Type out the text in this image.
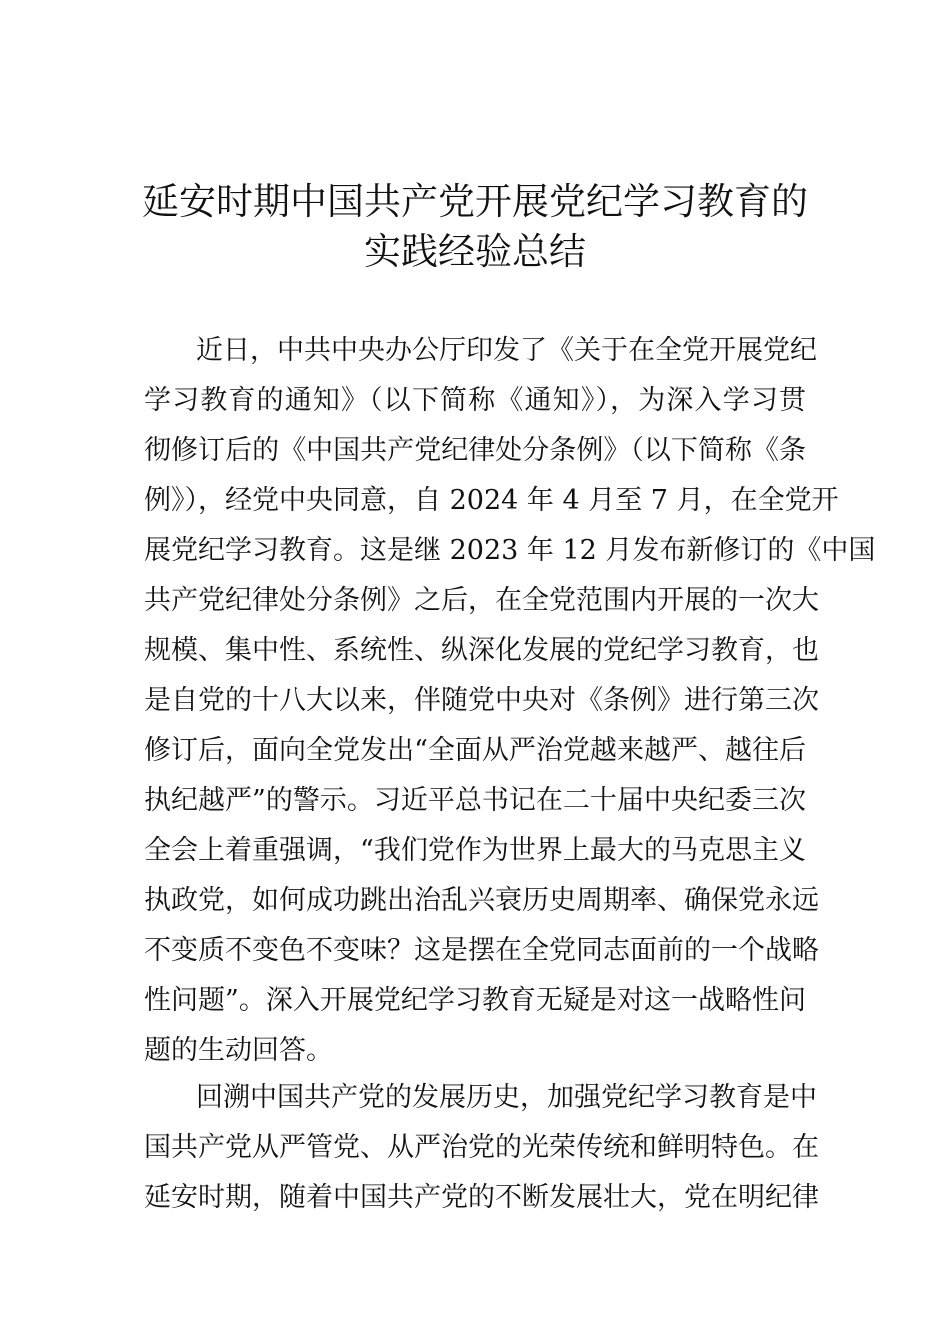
延安时期中国共产党开展党纪学习教育的
实践经验总结
近日，中共中央办公厅印发了《关于在全党开展党纪
学习教育的通知》（以下简称《通知》），为深入学习贯
彻修订后的《中国共产党纪律处分条例》（以下简称《条
例》），经党中央同意，自 2024 年 4 月至 7 月，在全党开
展党纪学习教育。这是继 2023 年 12 月发布新修订的《中国
共产党纪律处分条例》之后，在全党范围内开展的一次大
规模、集中性、系统性、纵深化发展的党纪学习教育，也
是自党的十八大以来，伴随党中央对《条例》进行第三次
修订后，面向全党发出“全面从严治党越来越严、越往后
执纪越严”的警示。习近平总书记在二十届中央纪委三次
全会上着重强调，“我们党作为世界上最大的马克思主义
执政党，如何成功跳出治乱兴衰历史周期率、确保党永远
不变质不变色不变味？这是摆在全党同志面前的一个战略
性问题”。深入开展党纪学习教育无疑是对这一战略性问
题的生动回答。
回溯中国共产党的发展历史，加强党纪学习教育是中
国共产党从严管党、从严治党的光荣传统和鲜明特色。在
延安时期，随着中国共产党的不断发展壮大，党在明纪律
